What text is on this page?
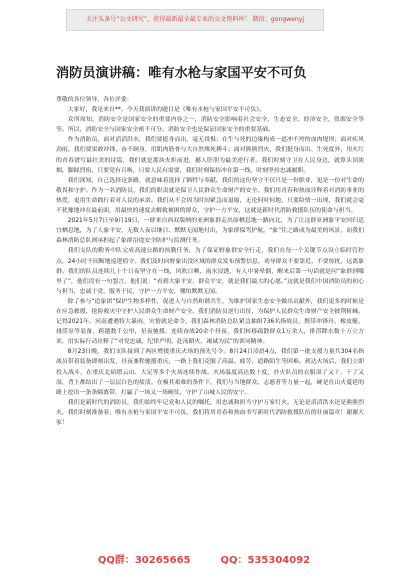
关注头条号“公文研究”，获得最新最全最专业的公文资料库！ 微信：gongwenyj
消防员演讲稿：唯有水枪与家国平安不可负

尊敬的各位领导，各位评委：

大家好，我是来自**。今天我演讲的题目是《唯有水枪与家国平安不可负》。

众所周知，消防安全是国家安全的重要内容之一，消防安全影响着社会安全、生态安全、经济安全、资源安全等等。所以，消防安全与国家安全密不可分。消防安全也是保证国家安全的重要基础。

作为消防员，面对滔滔洪水，我们要挺身而出，毫无畏惧；在生与死的边缘构成一道冲不垮的血肉堤坝；面对疾风劲雨，我们要果敢冲锋、奋不顾身，用肌肉筋骨与大自然殊死搏斗；面对熊熊烈火，我们挺身而出、生死度外，用火红的青春谱写最壮美的诗篇，我们就是那执火炬前进，撼人肝胆为最美逆行者。我们时刻守卫在人民身边，就算头顶浓烟，脚踩烈焰，只要党有召唤，只要人民有需要，我们时刻保持冲在第一线，时刻坚持忠诚履职。

我们深知，自己选择这条路，就意味着选择了牺牲与奉献。我们的这份坚守不仅只是一份职业，更是一份对生命的敬畏和守护。作为一名消防员，我们的职责就是保卫人民群众生命财产的安全，我们用青春和热血诠释着对消防事业的热爱，更用生命践行着对人民的承诺。我们从不会因为时间紧急而退缩，无论何时何地，只要险情一出现，我们就会毫不犹豫地冲在最前面，用最快的速度去解救被困的群众，守护一方平安，这就是新时代消防救援队伍的使命与担当。

2021年5月7日至9月19日，一群来自西双版纳的亚洲象群走出原栖息地一路向北，为了让这群亚洲象平安回归适宜栖息地，为了人象平安，无数人夜以继日、默默无闻地付出，为象群保驾护航。“象”往之路成为最美的风景，而我们森林消防总队则承担起了象群沿途安全防护与监测任务。

我们支队的勤务中队完成高速公路的执勤任务，为了保证野象群安全行走，我们在每一个关键节点设立临时管控点，24小时不间断地巡逻值守。我们及时向野象出没区域的群众发布预警信息，劝导群众不要靠近、不要惊扰，远离象群。我们的队员连续几十个日夜坚守在一线，风吹日晒、雨水浸透，有人中暑晕倒，醒来后第一句话就是问“象群到哪里了”，他们没有一句怨言，他们说：“看到大象平安，群众平安，就是我们最大的心愿。”这就是我们中国消防员的初心与担当，忠诚于党，服务于民，守护一方平安，哪怕默默无闻。

除了参与“追象团”保护生物多样性，促进人与自然和谐共生，为维护国家生态安全做出贡献外，我们更多的时候是在应急救援、抢险救灾中守护人民群众生命财产安全。我们消防员逆行出征，为保护人民群众生命财产安全披荆斩棘。记得2021年，河南遭遇特大暴雨，灾情就是命令，我们森林消防总队紧急抽组736名指战员，携带冲锋舟、橡皮艇、排涝泵等装备，跨越数千公里，星夜驰援。连续奋战20余个昼夜，我们转移疏散群众1万余人，排涝降水数十万立方米，用实际行动诠释了“对党忠诚、纪律严明、赴汤蹈火、竭诚为民”的训词精神。

8月23日晚，我们支队接到了两区增援重庆火场的预先号令。8月24日凌晨4点，我们第一批支援力量共304名指战员带着装备即刻出发，昼夜兼程驰援重庆，一路上我们克服了高温、疲劳、道路陌生等困难。到达火场后，我们立即投入战斗，在重庆北碚缙云山、大足等多个火场连续作战。火场温度高达数十度，扑火队员的衣服湿了又干，干了又湿，背上都结出了一层层白色的盐渍。在极其艰难的条件下，我们与当地群众、志愿者等力量一起，硬是在山火蔓延的路上挖出一条条隔离带，打赢了一场又一场硬仗，守护了山城人民的安宁。

我们是新时代的消防员，我们始终牢记党和人民的嘱托，用忠诚和担当守护万家灯火。无论是滔滔洪水还是熊熊烈火，我们时刻准备着，唯有水枪与家国平安不可负，我们将用青春和热血书写新时代消防救援队伍的壮丽篇章！谢谢大家！

QQ群：30265665	QQ：535304092
